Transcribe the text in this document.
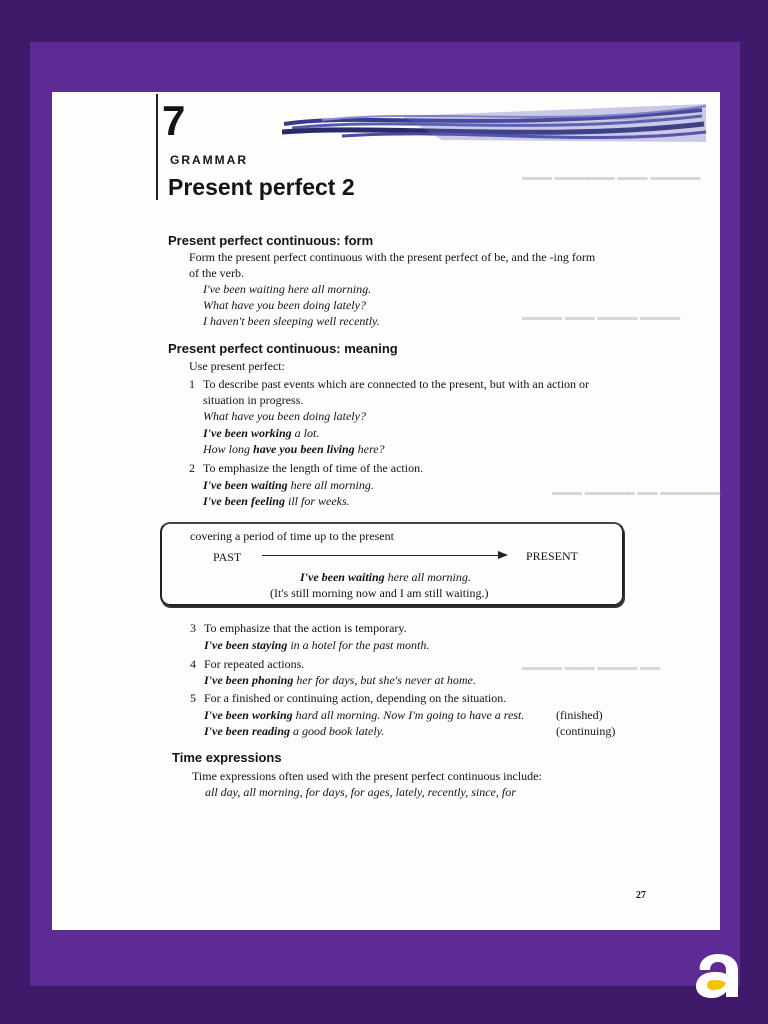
▬▬ ▬▬▬▬ ▬▬ ▬▬▬▬▬ ▬▬
▬▬▬ ▬▬▬▬▬▬ ▬▬▬ ▬▬▬▬▬
▬▬▬▬ ▬▬▬ ▬▬▬▬ ▬▬▬▬
▬▬▬ ▬▬▬▬▬ ▬▬ ▬▬▬▬▬▬
▬▬▬▬ ▬▬▬ ▬▬▬▬ ▬▬
7
GRAMMAR
Present perfect 2
Present perfect continuous: form
Form the present perfect continuous with the present perfect of be, and the -ing form
of the verb.
I've been waiting here all morning.
What have you been doing lately?
I haven't been sleeping well recently.
Present perfect continuous: meaning
Use present perfect:
1 To describe past events which are connected to the present, but with an action or
situation in progress.
What have you been doing lately?
I've been working a lot.
How long have you been living here?
2 To emphasize the length of time of the action.
I've been waiting here all morning.
I've been feeling ill for weeks.
covering a period of time up to the present
PAST	PRESENT
I've been waiting here all morning.
(It's still morning now and I am still waiting.)
3 To emphasize that the action is temporary.
I've been staying in a hotel for the past month.
4 For repeated actions.
I've been phoning her for days, but she's never at home.
5 For a finished or continuing action, depending on the situation.
I've been working hard all morning. Now I'm going to have a rest.	(finished)
I've been reading a good book lately.	(continuing)
Time expressions
Time expressions often used with the present perfect continuous include:
all day, all morning, for days, for ages, lately, recently, since, for
27
